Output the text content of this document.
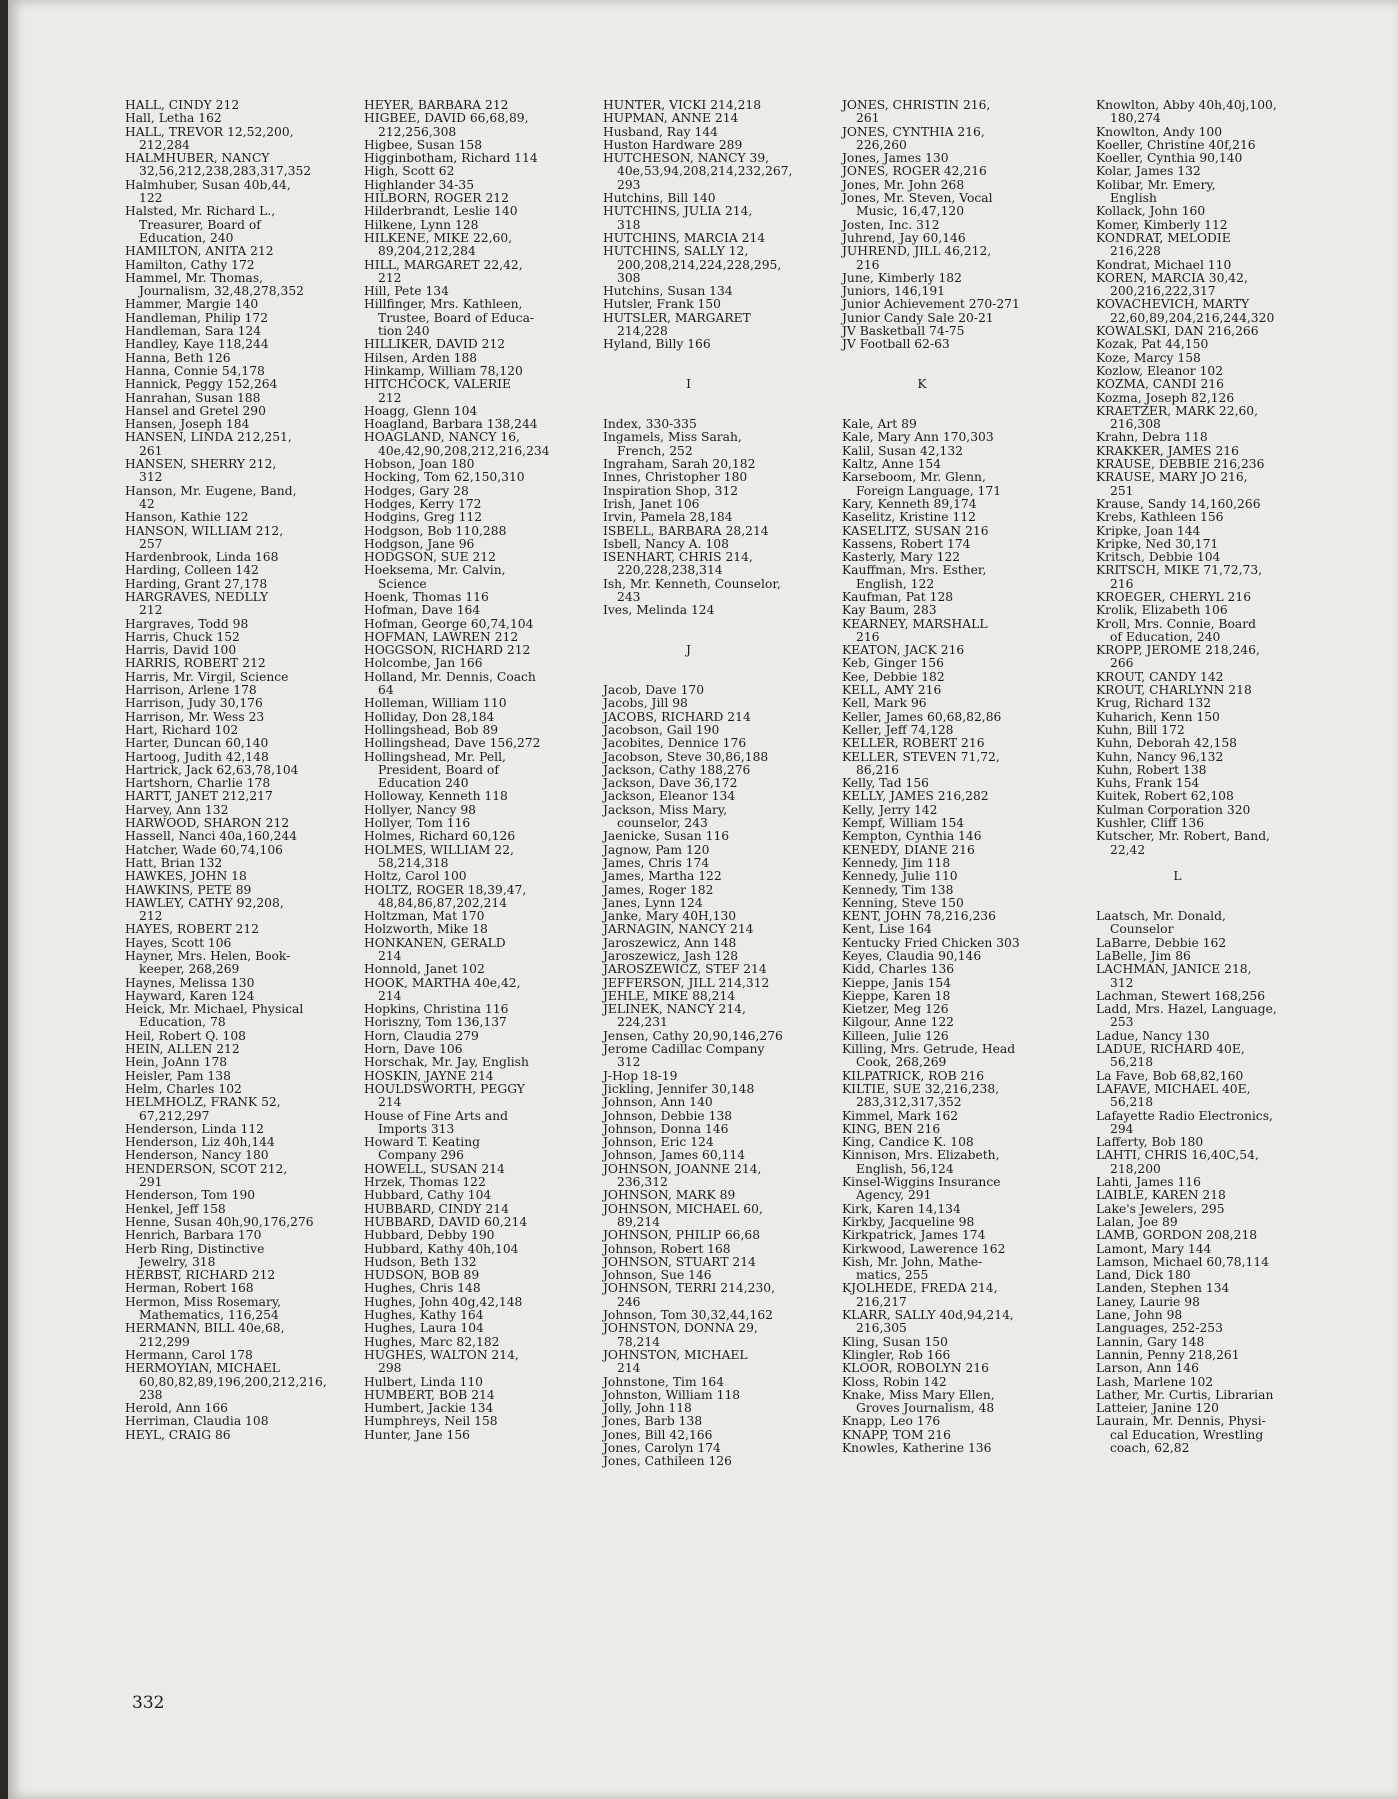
HALL, CINDY 212
Hall, Letha 162
HALL, TREVOR 12,52,200,
212,284
HALMHUBER, NANCY
32,56,212,238,283,317,352
Halmhuber, Susan 40b,44,
122
Halsted, Mr. Richard L.,
Treasurer, Board of
Education, 240
HAMILTON, ANITA 212
Hamilton, Cathy 172
Hammel, Mr. Thomas,
Journalism, 32,48,278,352
Hammer, Margie 140
Handleman, Philip 172
Handleman, Sara 124
Handley, Kaye 118,244
Hanna, Beth 126
Hanna, Connie 54,178
Hannick, Peggy 152,264
Hanrahan, Susan 188
Hansel and Gretel 290
Hansen, Joseph 184
HANSEN, LINDA 212,251,
261
HANSEN, SHERRY 212,
312
Hanson, Mr. Eugene, Band,
42
Hanson, Kathie 122
HANSON, WILLIAM 212,
257
Hardenbrook, Linda 168
Harding, Colleen 142
Harding, Grant 27,178
HARGRAVES, NEDLLY
212
Hargraves, Todd 98
Harris, Chuck 152
Harris, David 100
HARRIS, ROBERT 212
Harris, Mr. Virgil, Science
Harrison, Arlene 178
Harrison, Judy 30,176
Harrison, Mr. Wess 23
Hart, Richard 102
Harter, Duncan 60,140
Hartoog, Judith 42,148
Hartrick, Jack 62,63,78,104
Hartshorn, Charlie 178
HARTT, JANET 212,217
Harvey, Ann 132
HARWOOD, SHARON 212
Hassell, Nanci 40a,160,244
Hatcher, Wade 60,74,106
Hatt, Brian 132
HAWKES, JOHN 18
HAWKINS, PETE 89
HAWLEY, CATHY 92,208,
212
HAYES, ROBERT 212
Hayes, Scott 106
Hayner, Mrs. Helen, Book-
keeper, 268,269
Haynes, Melissa 130
Hayward, Karen 124
Heick, Mr. Michael, Physical
Education, 78
Heil, Robert Q. 108
HEIN, ALLEN 212
Hein, JoAnn 178
Heisler, Pam 138
Helm, Charles 102
HELMHOLZ, FRANK 52,
67,212,297
Henderson, Linda 112
Henderson, Liz 40h,144
Henderson, Nancy 180
HENDERSON, SCOT 212,
291
Henderson, Tom 190
Henkel, Jeff 158
Henne, Susan 40h,90,176,276
Henrich, Barbara 170
Herb Ring, Distinctive
Jewelry, 318
HERBST, RICHARD 212
Herman, Robert 168
Hermon, Miss Rosemary,
Mathematics, 116,254
HERMANN, BILL 40e,68,
212,299
Hermann, Carol 178
HERMOYIAN, MICHAEL
60,80,82,89,196,200,212,216,
238
Herold, Ann 166
Herriman, Claudia 108
HEYL, CRAIG 86
HEYER, BARBARA 212
HIGBEE, DAVID 66,68,89,
212,256,308
Higbee, Susan 158
Higginbotham, Richard 114
High, Scott 62
Highlander 34-35
HILBORN, ROGER 212
Hilderbrandt, Leslie 140
Hilkene, Lynn 128
HILKENE, MIKE 22,60,
89,204,212,284
HILL, MARGARET 22,42,
212
Hill, Pete 134
Hillfinger, Mrs. Kathleen,
Trustee, Board of Educa-
tion 240
HILLIKER, DAVID 212
Hilsen, Arden 188
Hinkamp, William 78,120
HITCHCOCK, VALERIE
212
Hoagg, Glenn 104
Hoagland, Barbara 138,244
HOAGLAND, NANCY 16,
40e,42,90,208,212,216,234
Hobson, Joan 180
Hocking, Tom 62,150,310
Hodges, Gary 28
Hodges, Kerry 172
Hodgins, Greg 112
Hodgson, Bob 110,288
Hodgson, Jane 96
HODGSON, SUE 212
Hoeksema, Mr. Calvin,
Science
Hoenk, Thomas 116
Hofman, Dave 164
Hofman, George 60,74,104
HOFMAN, LAWREN 212
HOGGSON, RICHARD 212
Holcombe, Jan 166
Holland, Mr. Dennis, Coach
64
Holleman, William 110
Holliday, Don 28,184
Hollingshead, Bob 89
Hollingshead, Dave 156,272
Hollingshead, Mr. Pell,
President, Board of
Education 240
Holloway, Kenneth 118
Hollyer, Nancy 98
Hollyer, Tom 116
Holmes, Richard 60,126
HOLMES, WILLIAM 22,
58,214,318
Holtz, Carol 100
HOLTZ, ROGER 18,39,47,
48,84,86,87,202,214
Holtzman, Mat 170
Holzworth, Mike 18
HONKANEN, GERALD
214
Honnold, Janet 102
HOOK, MARTHA 40e,42,
214
Hopkins, Christina 116
Horiszny, Tom 136,137
Horn, Claudia 279
Horn, Dave 106
Horschak, Mr. Jay, English
HOSKIN, JAYNE 214
HOULDSWORTH, PEGGY
214
House of Fine Arts and
Imports 313
Howard T. Keating
Company 296
HOWELL, SUSAN 214
Hrzek, Thomas 122
Hubbard, Cathy 104
HUBBARD, CINDY 214
HUBBARD, DAVID 60,214
Hubbard, Debby 190
Hubbard, Kathy 40h,104
Hudson, Beth 132
HUDSON, BOB 89
Hughes, Chris 148
Hughes, John 40g,42,148
Hughes, Kathy 164
Hughes, Laura 104
Hughes, Marc 82,182
HUGHES, WALTON 214,
298
Hulbert, Linda 110
HUMBERT, BOB 214
Humbert, Jackie 134
Humphreys, Neil 158
Hunter, Jane 156
HUNTER, VICKI 214,218
HUPMAN, ANNE 214
Husband, Ray 144
Huston Hardware 289
HUTCHESON, NANCY 39,
40e,53,94,208,214,232,267,
293
Hutchins, Bill 140
HUTCHINS, JULIA 214,
318
HUTCHINS, MARCIA 214
HUTCHINS, SALLY 12,
200,208,214,224,228,295,
308
Hutchins, Susan 134
Hutsler, Frank 150
HUTSLER, MARGARET
214,228
Hyland, Billy 166
I
Index, 330-335
Ingamels, Miss Sarah,
French, 252
Ingraham, Sarah 20,182
Innes, Christopher 180
Inspiration Shop, 312
Irish, Janet 106
Irvin, Pamela 28,184
ISBELL, BARBARA 28,214
Isbell, Nancy A. 108
ISENHART, CHRIS 214,
220,228,238,314
Ish, Mr. Kenneth, Counselor,
243
Ives, Melinda 124
J
Jacob, Dave 170
Jacobs, Jill 98
JACOBS, RICHARD 214
Jacobson, Gail 190
Jacobites, Dennice 176
Jacobson, Steve 30,86,188
Jackson, Cathy 188,276
Jackson, Dave 36,172
Jackson, Eleanor 134
Jackson, Miss Mary,
counselor, 243
Jaenicke, Susan 116
Jagnow, Pam 120
James, Chris 174
James, Martha 122
James, Roger 182
Janes, Lynn 124
Janke, Mary 40H,130
JARNAGIN, NANCY 214
Jaroszewicz, Ann 148
Jaroszewicz, Jash 128
JAROSZEWICZ, STEF 214
JEFFERSON, JILL 214,312
JEHLE, MIKE 88,214
JELINEK, NANCY 214,
224,231
Jensen, Cathy 20,90,146,276
Jerome Cadillac Company
312
J-Hop 18-19
Jickling, Jennifer 30,148
Johnson, Ann 140
Johnson, Debbie 138
Johnson, Donna 146
Johnson, Eric 124
Johnson, James 60,114
JOHNSON, JOANNE 214,
236,312
JOHNSON, MARK 89
JOHNSON, MICHAEL 60,
89,214
JOHNSON, PHILIP 66,68
Johnson, Robert 168
JOHNSON, STUART 214
Johnson, Sue 146
JOHNSON, TERRI 214,230,
246
Johnson, Tom 30,32,44,162
JOHNSTON, DONNA 29,
78,214
JOHNSTON, MICHAEL
214
Johnstone, Tim 164
Johnston, William 118
Jolly, John 118
Jones, Barb 138
Jones, Bill 42,166
Jones, Carolyn 174
Jones, Cathileen 126
JONES, CHRISTIN 216,
261
JONES, CYNTHIA 216,
226,260
Jones, James 130
JONES, ROGER 42,216
Jones, Mr. John 268
Jones, Mr. Steven, Vocal
Music, 16,47,120
Josten, Inc. 312
Juhrend, Jay 60,146
JUHREND, JILL 46,212,
216
June, Kimberly 182
Juniors, 146,191
Junior Achievement 270-271
Junior Candy Sale 20-21
JV Basketball 74-75
JV Football 62-63
K
Kale, Art 89
Kale, Mary Ann 170,303
Kalil, Susan 42,132
Kaltz, Anne 154
Karseboom, Mr. Glenn,
Foreign Language, 171
Kary, Kenneth 89,174
Kaselitz, Kristine 112
KASELITZ, SUSAN 216
Kassens, Robert 174
Kasterly, Mary 122
Kauffman, Mrs. Esther,
English, 122
Kaufman, Pat 128
Kay Baum, 283
KEARNEY, MARSHALL
216
KEATON, JACK 216
Keb, Ginger 156
Kee, Debbie 182
KELL, AMY 216
Kell, Mark 96
Keller, James 60,68,82,86
Keller, Jeff 74,128
KELLER, ROBERT 216
KELLER, STEVEN 71,72,
86,216
Kelly, Tad 156
KELLY, JAMES 216,282
Kelly, Jerry 142
Kempf, William 154
Kempton, Cynthia 146
KENEDY, DIANE 216
Kennedy, Jim 118
Kennedy, Julie 110
Kennedy, Tim 138
Kenning, Steve 150
KENT, JOHN 78,216,236
Kent, Lise 164
Kentucky Fried Chicken 303
Keyes, Claudia 90,146
Kidd, Charles 136
Kieppe, Janis 154
Kieppe, Karen 18
Kietzer, Meg 126
Kilgour, Anne 122
Killeen, Julie 126
Killing, Mrs. Getrude, Head
Cook, 268,269
KILPATRICK, ROB 216
KILTIE, SUE 32,216,238,
283,312,317,352
Kimmel, Mark 162
KING, BEN 216
King, Candice K. 108
Kinnison, Mrs. Elizabeth,
English, 56,124
Kinsel-Wiggins Insurance
Agency, 291
Kirk, Karen 14,134
Kirkby, Jacqueline 98
Kirkpatrick, James 174
Kirkwood, Lawerence 162
Kish, Mr. John, Mathe-
matics, 255
KJOLHEDE, FREDA 214,
216,217
KLARR, SALLY 40d,94,214,
216,305
Kling, Susan 150
Klingler, Rob 166
KLOOR, ROBOLYN 216
Kloss, Robin 142
Knake, Miss Mary Ellen,
Groves Journalism, 48
Knapp, Leo 176
KNAPP, TOM 216
Knowles, Katherine 136
Knowlton, Abby 40h,40j,100,
180,274
Knowlton, Andy 100
Koeller, Christine 40f,216
Koeller, Cynthia 90,140
Kolar, James 132
Kolibar, Mr. Emery,
English
Kollack, John 160
Komer, Kimberly 112
KONDRAT, MELODIE
216,228
Kondrat, Michael 110
KOREN, MARCIA 30,42,
200,216,222,317
KOVACHEVICH, MARTY
22,60,89,204,216,244,320
KOWALSKI, DAN 216,266
Kozak, Pat 44,150
Koze, Marcy 158
Kozlow, Eleanor 102
KOZMA, CANDI 216
Kozma, Joseph 82,126
KRAETZER, MARK 22,60,
216,308
Krahn, Debra 118
KRAKKER, JAMES 216
KRAUSE, DEBBIE 216,236
KRAUSE, MARY JO 216,
251
Krause, Sandy 14,160,266
Krebs, Kathleen 156
Kripke, Joan 144
Kripke, Ned 30,171
Kritsch, Debbie 104
KRITSCH, MIKE 71,72,73,
216
KROEGER, CHERYL 216
Krolik, Elizabeth 106
Kroll, Mrs. Connie, Board
of Education, 240
KROPP, JEROME 218,246,
266
KROUT, CANDY 142
KROUT, CHARLYNN 218
Krug, Richard 132
Kuharich, Kenn 150
Kuhn, Bill 172
Kuhn, Deborah 42,158
Kuhn, Nancy 96,132
Kuhn, Robert 138
Kuhs, Frank 154
Kuitek, Robert 62,108
Kulman Corporation 320
Kushler, Cliff 136
Kutscher, Mr. Robert, Band,
22,42
L
Laatsch, Mr. Donald,
Counselor
LaBarre, Debbie 162
LaBelle, Jim 86
LACHMAN, JANICE 218,
312
Lachman, Stewert 168,256
Ladd, Mrs. Hazel, Language,
253
Ladue, Nancy 130
LADUE, RICHARD 40E,
56,218
La Fave, Bob 68,82,160
LAFAVE, MICHAEL 40E,
56,218
Lafayette Radio Electronics,
294
Lafferty, Bob 180
LAHTI, CHRIS 16,40C,54,
218,200
Lahti, James 116
LAIBLE, KAREN 218
Lake's Jewelers, 295
Lalan, Joe 89
LAMB, GORDON 208,218
Lamont, Mary 144
Lamson, Michael 60,78,114
Land, Dick 180
Landen, Stephen 134
Laney, Laurie 98
Lane, John 98
Languages, 252-253
Lannin, Gary 148
Lannin, Penny 218,261
Larson, Ann 146
Lash, Marlene 102
Lather, Mr. Curtis, Librarian
Latteier, Janine 120
Laurain, Mr. Dennis, Physi-
cal Education, Wrestling
coach, 62,82
332
